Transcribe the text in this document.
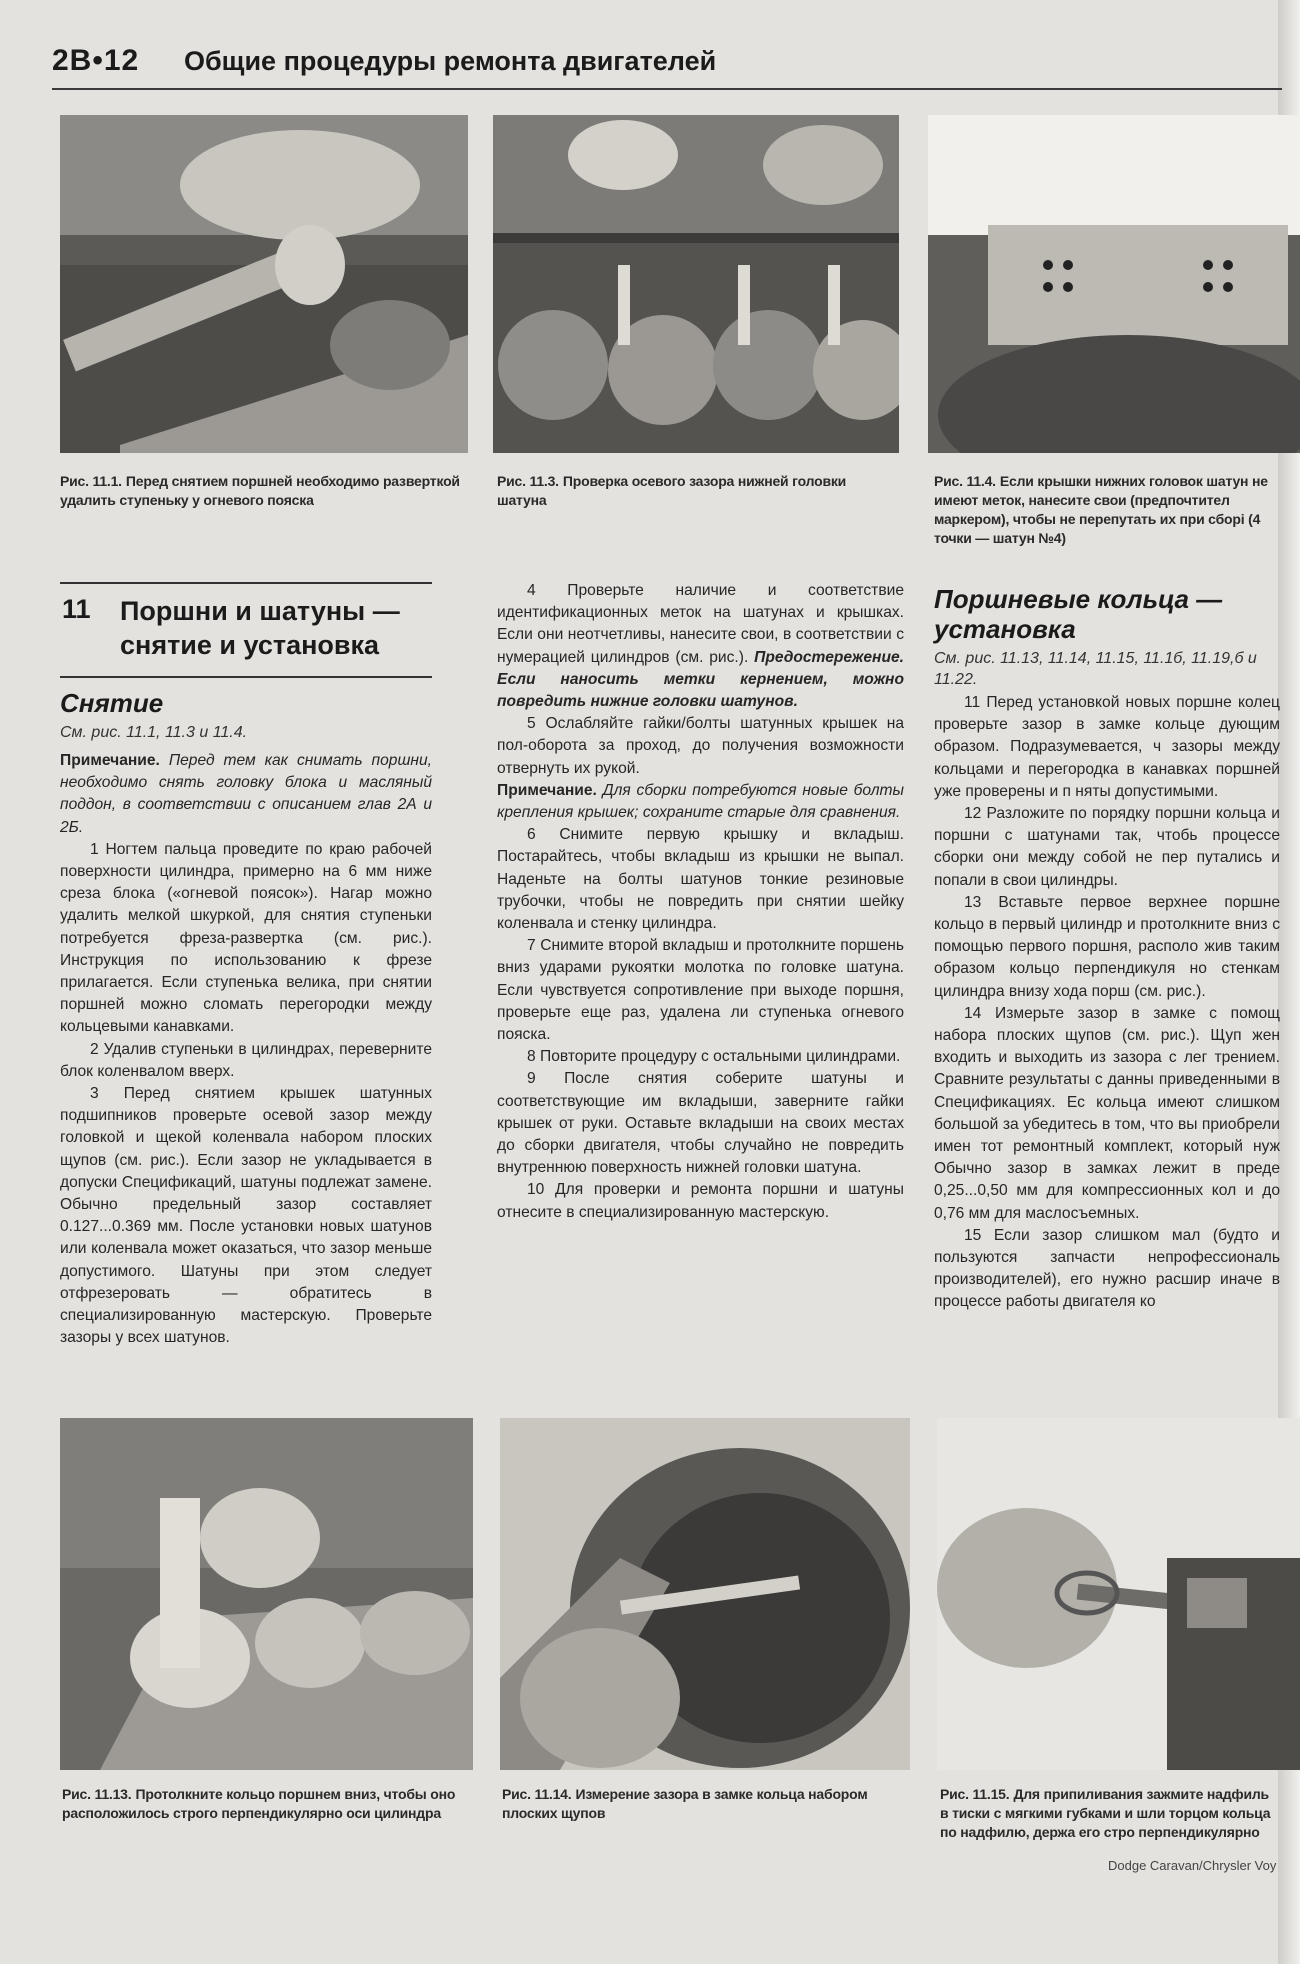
2B•12 Общие процедуры ремонта двигателей
Рис. 11.1. Перед снятием поршней необходимо разверткой удалить ступеньку у огневого пояска
Рис. 11.3. Проверка осевого зазора нижней головки шатуна
Рис. 11.4. Если крышки нижних головок шатун не имеют меток, нанесите свои (предпочтител маркером), чтобы не перепутать их при сборі (4 точки — шатун №4)
11 Поршни и шатуны — снятие и установка
Снятие
См. рис. 11.1, 11.3 и 11.4.

Примечание. Перед тем как снимать поршни, необходимо снять головку блока и масляный поддон, в соответствии с описанием глав 2А и 2Б.

1 Ногтем пальца проведите по краю рабочей поверхности цилиндра, примерно на 6 мм ниже среза блока («огневой поясок»). Нагар можно удалить мелкой шкуркой, для снятия ступеньки потребуется фреза-развертка (см. рис.). Инструкция по использованию к фрезе прилагается. Если ступенька велика, при снятии поршней можно сломать перегородки между кольцевыми канавками.

2 Удалив ступеньки в цилиндрах, переверните блок коленвалом вверх.

3 Перед снятием крышек шатунных подшипников проверьте осевой зазор между головкой и щекой коленвала набором плоских щупов (см. рис.). Если зазор не укладывается в допуски Спецификаций, шатуны подлежат замене. Обычно предельный зазор составляет 0.127...0.369 мм. После установки новых шатунов или коленвала может оказаться, что зазор меньше допустимого. Шатуны при этом следует отфрезеровать — обратитесь в специализированную мастерскую. Проверьте зазоры у всех шатунов.

4 Проверьте наличие и соответствие идентификационных меток на шатунах и крышках. Если они неотчетливы, нанесите свои, в соответствии с нумерацией цилиндров (см. рис.). Предостережение. Если наносить метки кернением, можно повредить нижние головки шатунов.

5 Ослабляйте гайки/болты шатунных крышек на пол-оборота за проход, до получения возможности отвернуть их рукой.

Примечание. Для сборки потребуются новые болты крепления крышек; сохраните старые для сравнения.

6 Снимите первую крышку и вкладыш. Постарайтесь, чтобы вкладыш из крышки не выпал. Наденьте на болты шатунов тонкие резиновые трубочки, чтобы не повредить при снятии шейку коленвала и стенку цилиндра.

7 Снимите второй вкладыш и протолкните поршень вниз ударами рукоятки молотка по головке шатуна. Если чувствуется сопротивление при выходе поршня, проверьте еще раз, удалена ли ступенька огневого пояска.

8 Повторите процедуру с остальными цилиндрами.

9 После снятия соберите шатуны и соответствующие им вкладыши, заверните гайки крышек от руки. Оставьте вкладыши на своих местах до сборки двигателя, чтобы случайно не повредить внутреннюю поверхность нижней головки шатуна.

10 Для проверки и ремонта поршни и шатуны отнесите в специализированную мастерскую.

Поршневые кольца — установка
См. рис. 11.13, 11.14, 11.15, 11.1б, 11.19,б и 11.22.

11 Перед установкой новых поршне колец проверьте зазор в замке кольце дующим образом. Подразумевается, ч зазоры между кольцами и перегородка в канавках поршней уже проверены и п няты допустимыми.

12 Разложите по порядку поршни кольца и поршни с шатунами так, чтобь процессе сборки они между собой не пер путались и попали в свои цилиндры.

13 Вставьте первое верхнее поршне кольцо в первый цилиндр и протолкните вниз с помощью первого поршня, располо жив таким образом кольцо перпендикуля но стенкам цилиндра внизу хода порш (см. рис.).

14 Измерьте зазор в замке с помощ набора плоских щупов (см. рис.). Щуп жен входить и выходить из зазора с лег трением. Сравните результаты с данны приведенными в Спецификациях. Ес кольца имеют слишком большой за убедитесь в том, что вы приобрели имен тот ремонтный комплект, который нуж Обычно зазор в замках лежит в преде 0,25...0,50 мм для компрессионных кол и до 0,76 мм для маслосъемных.

15 Если зазор слишком мал (будто и пользуются запчасти непрофессиональ производителей), его нужно расшир иначе в процессе работы двигателя ко

Рис. 11.13. Протолкните кольцо поршнем вниз, чтобы оно расположилось строго перпендикулярно оси цилиндра
Рис. 11.14. Измерение зазора в замке кольца набором плоских щупов
Рис. 11.15. Для припиливания зажмите надфиль в тиски с мягкими губками и шли торцом кольца по надфилю, держа его стро перпендикулярно
Dodge Caravan/Chrysler Voy
